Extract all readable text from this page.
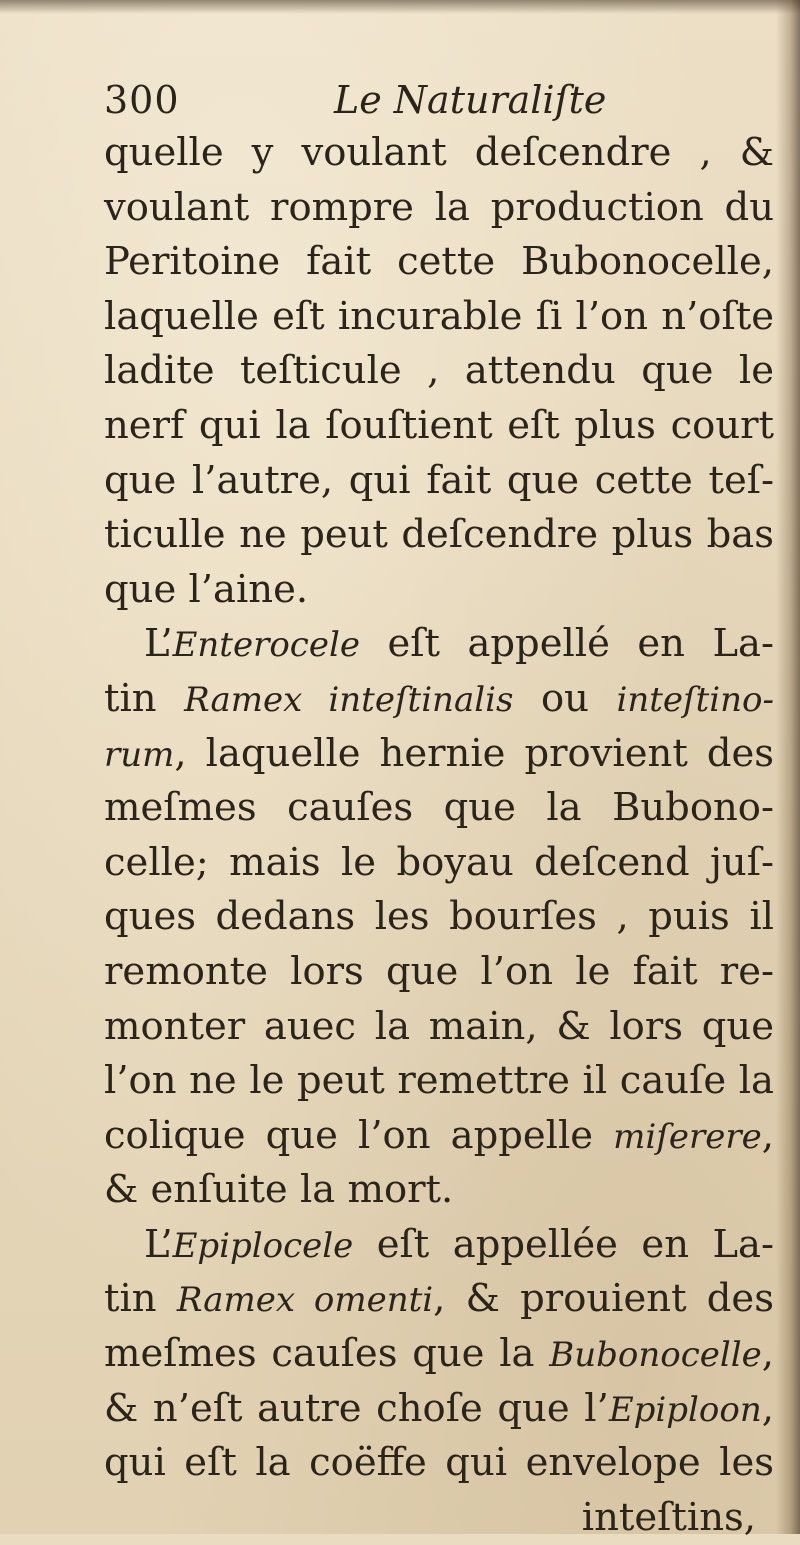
300	Le Naturaliſte
quelle y voulant deſcendre , &
voulant rompre la production du
Peritoine fait cette Bubonocelle,
laquelle eſt incurable ſi l’on n’oſte
ladite teſticule , attendu que le
nerf qui la ſouſtient eſt plus court
que l’autre, qui fait que cette teſ-
ticulle ne peut deſcendre plus bas
que l’aine.
L’Enterocele eſt appellé en La-
tin Ramex inteſtinalis ou inteſtino-
rum, laquelle hernie provient des
meſmes cauſes que la Bubono-
celle; mais le boyau deſcend juſ-
ques dedans les bourſes , puis il
remonte lors que l’on le fait re-
monter auec la main, & lors que
l’on ne le peut remettre il cauſe la
colique que l’on appelle miſerere,
& enſuite la mort.
L’Epiplocele eſt appellée en La-
tin Ramex omenti, & prouient des
meſmes cauſes que la Bubonocelle,
& n’eſt autre choſe que l’Epiploon,
qui eſt la coëffe qui envelope les
inteſtins,
